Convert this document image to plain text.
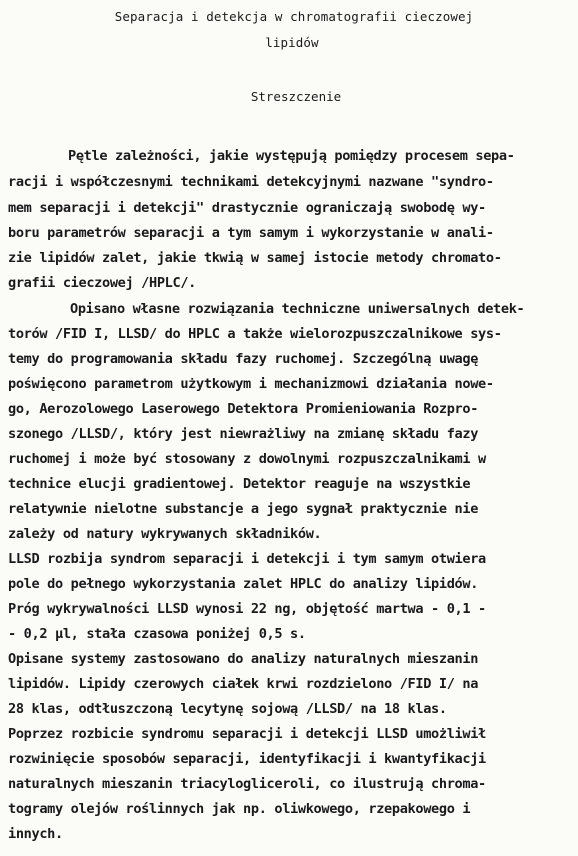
Separacja i detekcja w chromatografii cieczowej
lipidów
Streszczenie
Pętle zależności, jakie występują pomiędzy procesem sepa-
racji i współczesnymi technikami detekcyjnymi nazwane "syndro-
mem separacji i detekcji" drastycznie ograniczają swobodę wy-
boru parametrów separacji a tym samym i wykorzystanie w anali-
zie lipidów zalet, jakie tkwią w samej istocie metody chromato-
grafii cieczowej /HPLC/.
Opisano własne rozwiązania techniczne uniwersalnych detek-
torów /FID I, LLSD/ do HPLC a także wielorozpuszczalnikowe sys-
temy do programowania składu fazy ruchomej. Szczególną uwagę
poświęcono parametrom użytkowym i mechanizmowi działania nowe-
go, Aerozolowego Laserowego Detektora Promieniowania Rozpro-
szonego /LLSD/, który jest niewrażliwy na zmianę składu fazy
ruchomej i może być stosowany z dowolnymi rozpuszczalnikami w
technice elucji gradientowej. Detektor reaguje na wszystkie
relatywnie nielotne substancje a jego sygnał praktycznie nie
zależy od natury wykrywanych składników.
LLSD rozbija syndrom separacji i detekcji i tym samym otwiera
pole do pełnego wykorzystania zalet HPLC do analizy lipidów.
Próg wykrywalności LLSD wynosi 22 ng, objętość martwa - 0,1 -
- 0,2 µl, stała czasowa poniżej 0,5 s.
Opisane systemy zastosowano do analizy naturalnych mieszanin
lipidów. Lipidy czerowych ciałek krwi rozdzielono /FID I/ na
28 klas, odtłuszczoną lecytynę sojową /LLSD/ na 18 klas.
Poprzez rozbicie syndromu separacji i detekcji LLSD umożliwił
rozwinięcie sposobów separacji, identyfikacji i kwantyfikacji
naturalnych mieszanin triacylogliceroli, co ilustrują chroma-
togramy olejów roślinnych jak np. oliwkowego, rzepakowego i
innych.
